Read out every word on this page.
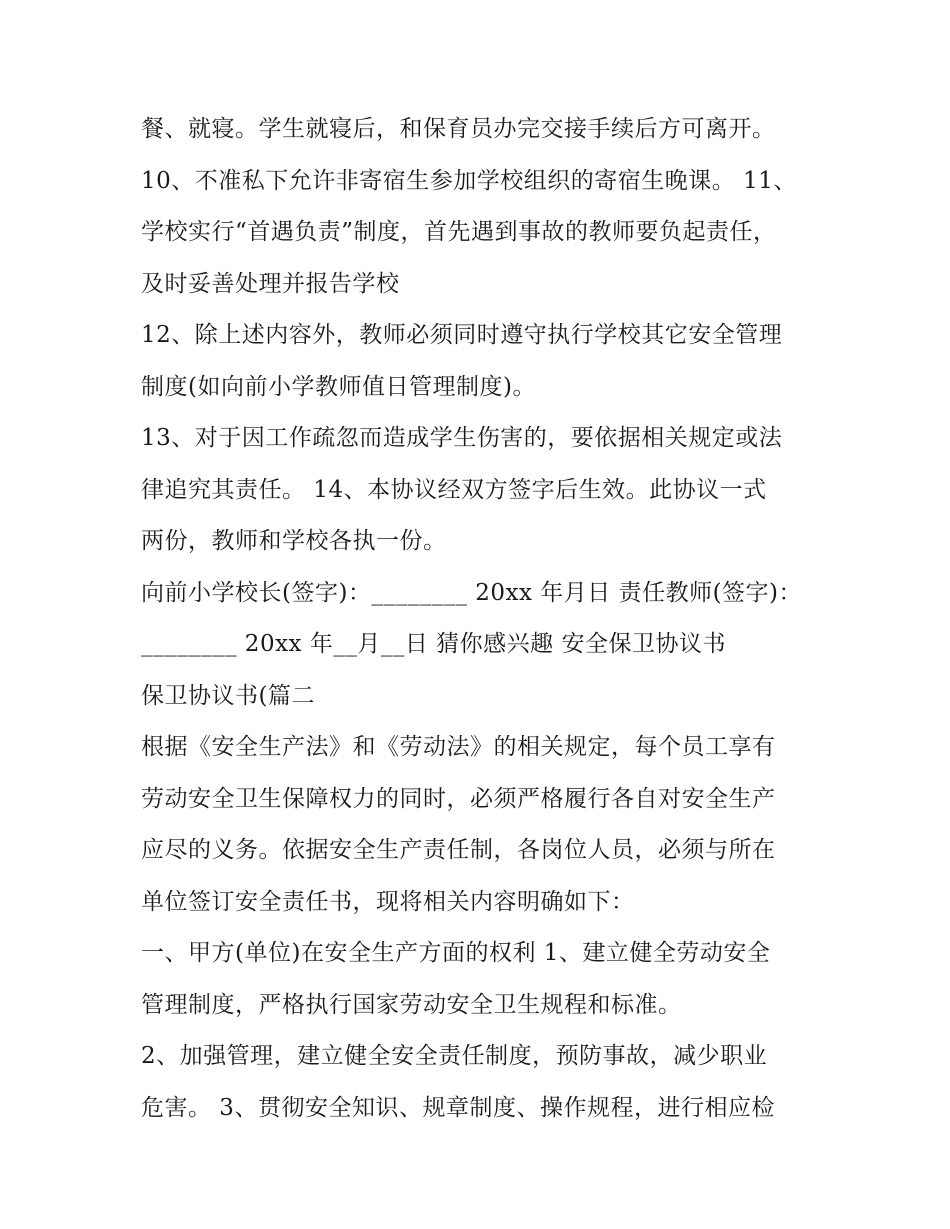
餐、就寝。学生就寝后，和保育员办完交接手续后方可离开。
10、不准私下允许非寄宿生参加学校组织的寄宿生晚课。 11、
学校实行“首遇负责”制度，首先遇到事故的教师要负起责任，
及时妥善处理并报告学校
12、除上述内容外，教师必须同时遵守执行学校其它安全管理
制度(如向前小学教师值日管理制度)。
13、对于因工作疏忽而造成学生伤害的，要依据相关规定或法
律追究其责任。 14、本协议经双方签字后生效。此协议一式
两份，教师和学校各执一份。
向前小学校长(签字)：________ 20xx 年月日 责任教师(签字)：
________ 20xx 年__月__日 猜你感兴趣 安全保卫协议书
保卫协议书(篇二
根据《安全生产法》和《劳动法》的相关规定，每个员工享有
劳动安全卫生保障权力的同时，必须严格履行各自对安全生产
应尽的义务。依据安全生产责任制，各岗位人员，必须与所在
单位签订安全责任书，现将相关内容明确如下：
一、甲方(单位)在安全生产方面的权利 1、建立健全劳动安全
管理制度，严格执行国家劳动安全卫生规程和标准。
2、加强管理，建立健全安全责任制度，预防事故，减少职业
危害。 3、贯彻安全知识、规章制度、操作规程，进行相应检
